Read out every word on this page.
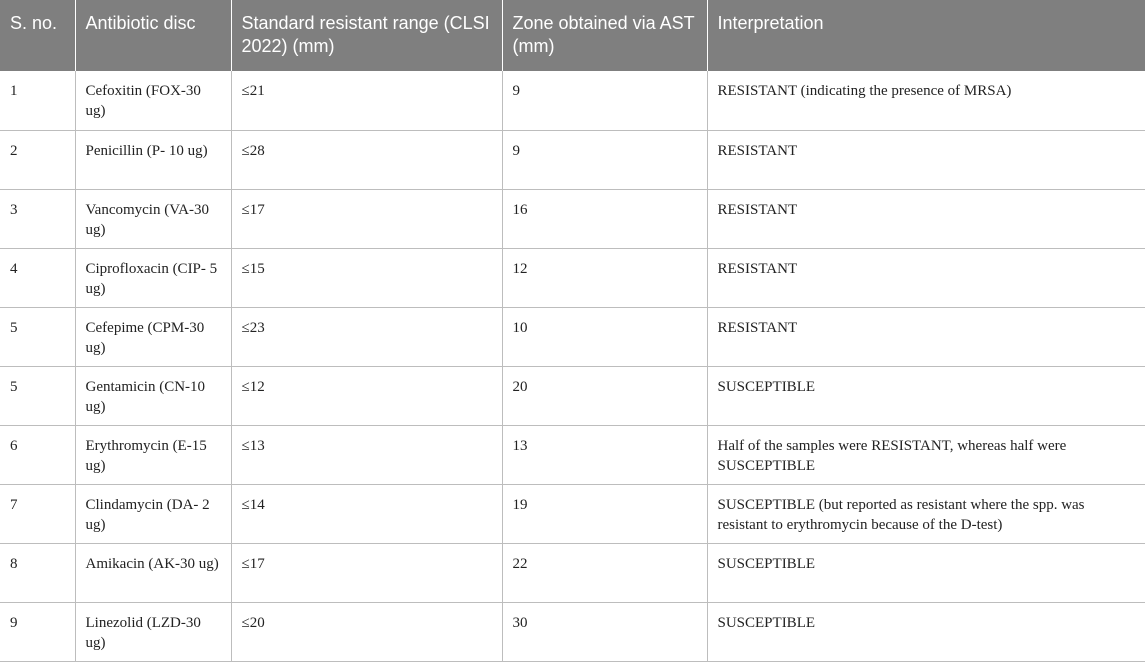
S. no.	Antibiotic disc	Standard resistant range (CLSI 2022) (mm)	Zone obtained via AST (mm)	Interpretation
1	Cefoxitin (FOX-30 ug)	≤21	9	RESISTANT (indicating the presence of MRSA)
2	Penicillin (P- 10 ug)	≤28	9	RESISTANT
3	Vancomycin (VA-30 ug)	≤17	16	RESISTANT
4	Ciprofloxacin (CIP- 5 ug)	≤15	12	RESISTANT
5	Cefepime (CPM-30 ug)	≤23	10	RESISTANT
5	Gentamicin (CN-10 ug)	≤12	20	SUSCEPTIBLE
6	Erythromycin (E-15 ug)	≤13	13	Half of the samples were RESISTANT, whereas half were SUSCEPTIBLE
7	Clindamycin (DA- 2 ug)	≤14	19	SUSCEPTIBLE (but reported as resistant where the spp. was resistant to erythromycin because of the D-test)
8	Amikacin (AK-30 ug)	≤17	22	SUSCEPTIBLE
9	Linezolid (LZD-30 ug)	≤20	30	SUSCEPTIBLE
